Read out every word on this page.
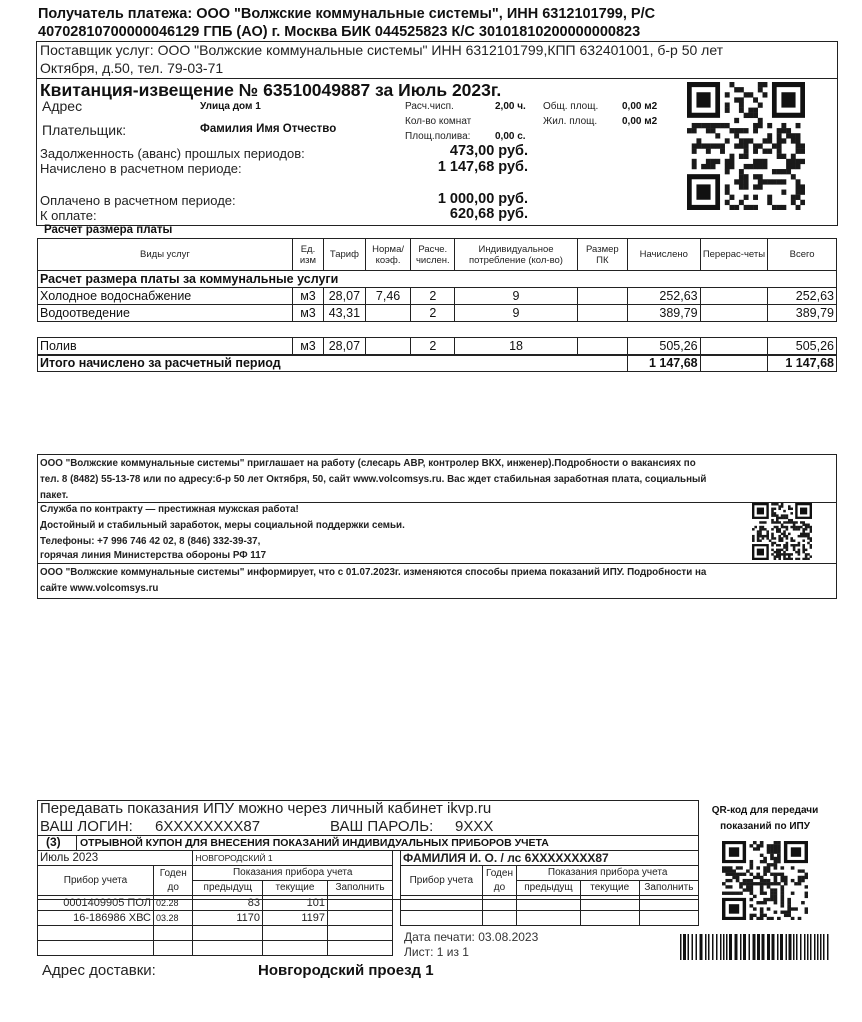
Получатель платежа: ООО "Волжские коммунальные системы", ИНН 6312101799, Р/С
40702810700000046129 ГПБ (АО) г. Москва БИК 044525823 К/С 30101810200000000823
Поставщик услуг: ООО "Волжские коммунальные системы" ИНН 6312101799,КПП 632401001, б-р 50 лет
Октября, д.50, тел. 79-03-71
Квитанция-извещение № 63510049887 за Июль 2023г.
Адрес	Улица дом 1
Плательщик:	Фамилия Имя Отчество
Расч.чисп.	2,00 ч.
Кол-во комнат
Площ.полива: 0,00 с.
Общ. площ. 0,00 м2
Жил. площ. 0,00 м2
Задолженность (аванс) прошлых периодов:	473,00 руб.
Начислено в расчетном периоде:	1 147,68 руб.
Оплачено в расчетном периоде:	1 000,00 руб.
К оплате:	620,68 руб.
Расчет размера платы
Виды услуг	Ед. изм	Тариф	Норма/ коэф.	Расче. числен.	Индивидуальное потребление (кол-во)	Размер ПК	Начислено	Перерас-четы	Всего
Расчет размера платы за коммунальные услуги									
Холодное водоснабжение	м3	28,07	7,46	2	9		252,63		252,63
Водоотведение	м3	43,31		2	9		389,79		389,79
Полив	м3	28,07		2	18		505,26		505,26
Итого начислено за расчетный период							1 147,68		1 147,68
ООО "Волжские коммунальные системы" приглашает на работу (слесарь АВР, контролер ВКХ, инженер).Подробности о вакансиях по
тел. 8 (8482) 55-13-78 или по адресу:б-р 50 лет Октября, 50, сайт www.volcomsys.ru. Вас ждет стабильная заработная плата, социальный
пакет.
Служба по контракту — престижная мужская работа!
Достойный и стабильный заработок, меры социальной поддержки семьи.
Телефоны: +7 996 746 42 02, 8 (846) 332-39-37,
горячая линия Министерства обороны РФ 117
ООО "Волжские коммунальные системы" информирует, что с 01.07.2023г. изменяются способы приема показаний ИПУ. Подробности на
сайте www.volcomsys.ru
Передавать показания ИПУ можно через личный кабинет ikvp.ru
ВАШ ЛОГИН: 6XXXXXXXX87	ВАШ ПАРОЛЬ: 9XXX
(3) ОТРЫВНОЙ КУПОН ДЛЯ ВНЕСЕНИЯ ПОКАЗАНИЙ ИНДИВИДУАЛЬНЫХ ПРИБОРОВ УЧЕТА
Июль 2023		НОВГОРОДСКИЙ 1		
Прибор учета	Годен до	Показания прибора учета		
		предыдущ	текущие	Заполнить
0001409905 ПОЛ	02.28	83	101	
16-186986 ХВС	03.28	1170	1197	

ФАМИЛИЯ И. О. / лс 6XXXXXXXX87				
Прибор учета	Годен до	Показания прибора учета		
		предыдущ	текущие	Заполнить

Дата печати: 03.08.2023
Лист: 1 из 1
Адрес доставки:	Новгородский проезд 1
QR-код для передачи
показаний по ИПУ
